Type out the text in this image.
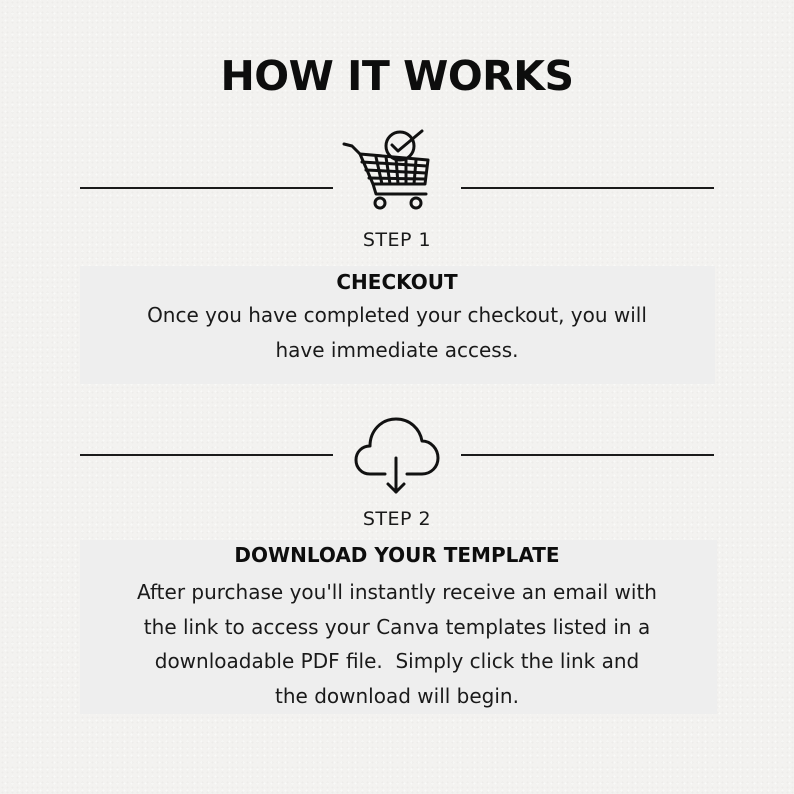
HOW IT WORKS
STEP 1
CHECKOUT

Once you have completed your checkout, you will
have immediate access.

STEP 2
DOWNLOAD YOUR TEMPLATE

After purchase you'll instantly receive an email with
the link to access your Canva templates listed in a
downloadable PDF file.  Simply click the link and
the download will begin.
